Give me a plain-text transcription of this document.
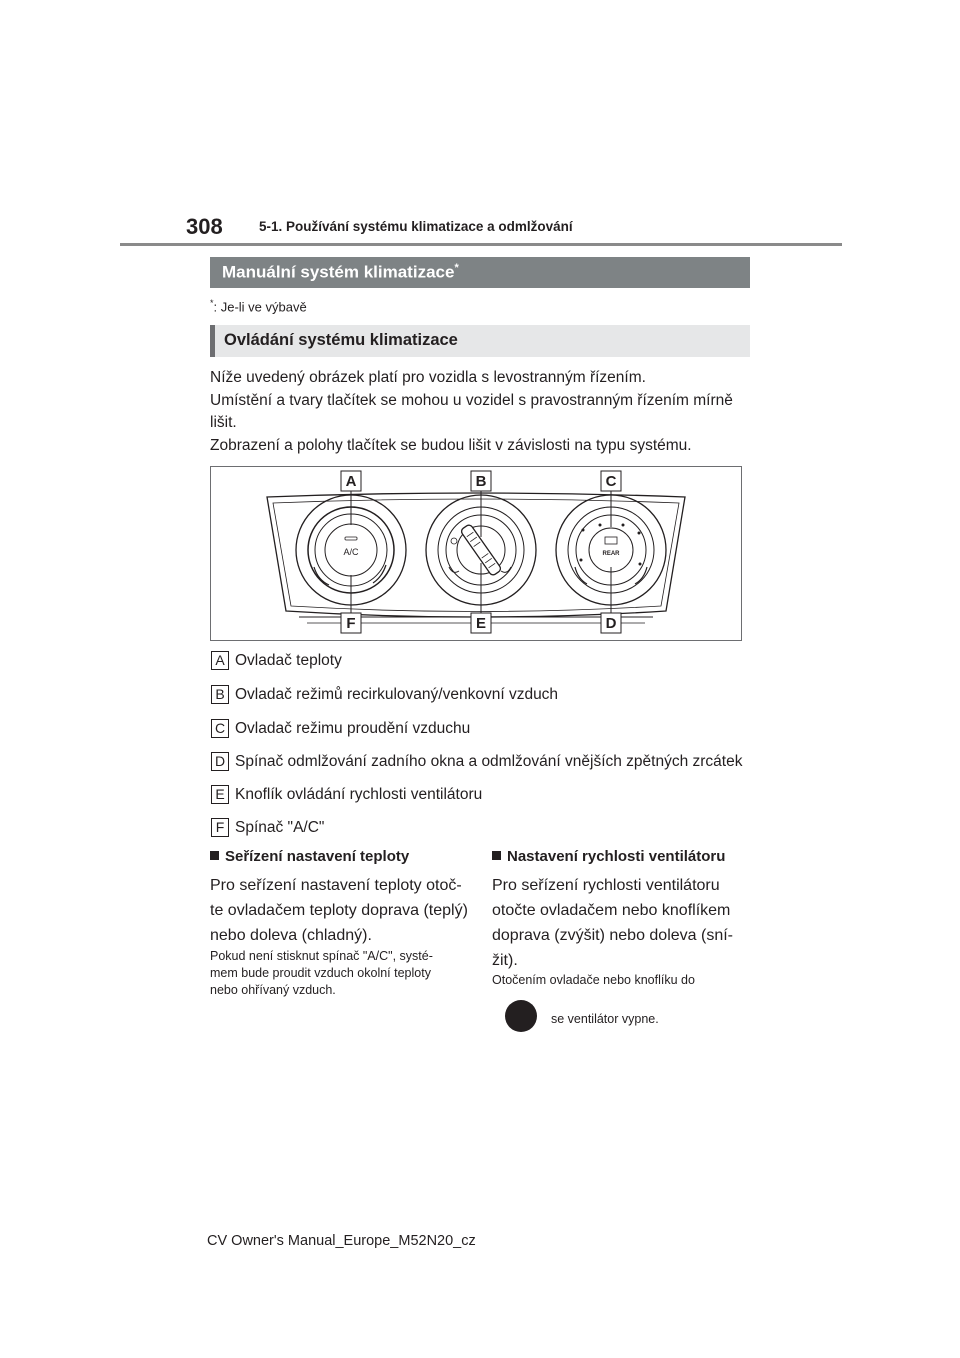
308	5-1. Používání systému klimatizace a odmlžování
Manuální systém klimatizace*
*: Je-li ve výbavě
Ovládání systému klimatizace

Níže uvedený obrázek platí pro vozidla s levostranným řízením.

Umístění a tvary tlačítek se mohou u vozidel s pravostranným řízením mírně lišit.

Zobrazení a polohy tlačítek se budou lišit v závislosti na typu systému.

A/C	REAR
A	B	C
F	E	D
A Ovladač teploty
B Ovladač režimů recirkulovaný/venkovní vzduch
C Ovladač režimu proudění vzduchu
D Spínač odmlžování zadního okna a odmlžování vnějších zpětných zrcátek
E Knoflík ovládání rychlosti ventilátoru
F Spínač "A/C"
Seřízení nastavení teploty
Pro seřízení nastavení teploty otoč-
te ovladačem teploty doprava (teplý)
nebo doleva (chladný).
Pokud není stisknut spínač "A/C", systé-
mem bude proudit vzduch okolní teploty
nebo ohřívaný vzduch.
Nastavení rychlosti ventilátoru
Pro seřízení rychlosti ventilátoru
otočte ovladačem nebo knoflíkem
doprava (zvýšit) nebo doleva (sní-
žit).
Otočením ovladače nebo knoflíku do
se ventilátor vypne.
CV Owner's Manual_Europe_M52N20_cz
